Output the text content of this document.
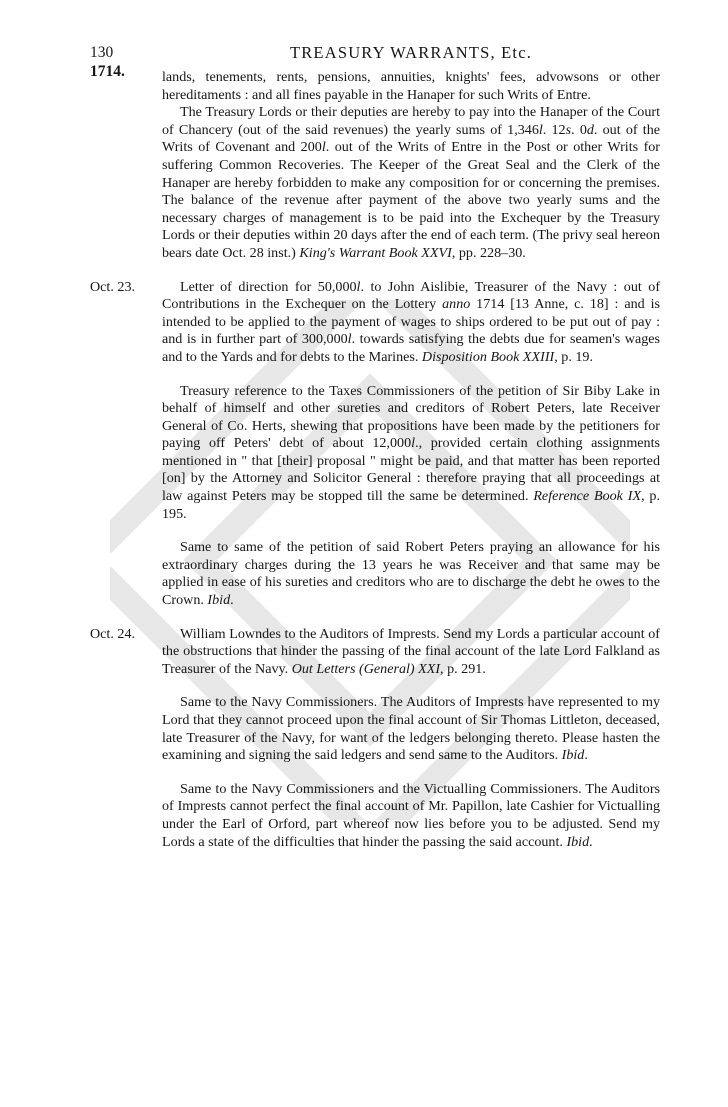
130	TREASURY WARRANTS, Etc.
1714.	lands, tenements, rents, pensions, annuities, knights' fees, advowsons or other hereditaments : and all fines payable in the Hanaper for such Writs of Entre.

The Treasury Lords or their deputies are hereby to pay into the Hanaper of the Court of Chancery (out of the said revenues) the yearly sums of 1,346l. 12s. 0d. out of the Writs of Covenant and 200l. out of the Writs of Entre in the Post or other Writs for suffering Common Recoveries. The Keeper of the Great Seal and the Clerk of the Hanaper are hereby forbidden to make any composition for or concerning the premises. The balance of the revenue after payment of the above two yearly sums and the necessary charges of management is to be paid into the Exchequer by the Treasury Lords or their deputies within 20 days after the end of each term. (The privy seal hereon bears date Oct. 28 inst.) King's Warrant Book XXVI, pp. 228–30.

Oct. 23.	Letter of direction for 50,000l. to John Aislibie, Treasurer of the Navy : out of Contributions in the Exchequer on the Lottery anno 1714 [13 Anne, c. 18] : and is intended to be applied to the payment of wages to ships ordered to be put out of pay : and is in further part of 300,000l. towards satisfying the debts due for seamen's wages and to the Yards and for debts to the Marines. Disposition Book XXIII, p. 19.

Treasury reference to the Taxes Commissioners of the petition of Sir Biby Lake in behalf of himself and other sureties and creditors of Robert Peters, late Receiver General of Co. Herts, shewing that propositions have been made by the petitioners for paying off Peters' debt of about 12,000l., provided certain clothing assignments mentioned in " that [their] proposal " might be paid, and that matter has been reported [on] by the Attorney and Solicitor General : therefore praying that all proceedings at law against Peters may be stopped till the same be determined. Reference Book IX, p. 195.

Same to same of the petition of said Robert Peters praying an allowance for his extraordinary charges during the 13 years he was Receiver and that same may be applied in ease of his sureties and creditors who are to discharge the debt he owes to the Crown. Ibid.

Oct. 24.	William Lowndes to the Auditors of Imprests. Send my Lords a particular account of the obstructions that hinder the passing of the final account of the late Lord Falkland as Treasurer of the Navy. Out Letters (General) XXI, p. 291.

Same to the Navy Commissioners. The Auditors of Imprests have represented to my Lord that they cannot proceed upon the final account of Sir Thomas Littleton, deceased, late Treasurer of the Navy, for want of the ledgers belonging thereto. Please hasten the examining and signing the said ledgers and send same to the Auditors. Ibid.

Same to the Navy Commissioners and the Victualling Commissioners. The Auditors of Imprests cannot perfect the final account of Mr. Papillon, late Cashier for Victualling under the Earl of Orford, part whereof now lies before you to be adjusted. Send my Lords a state of the difficulties that hinder the passing the said account. Ibid.
